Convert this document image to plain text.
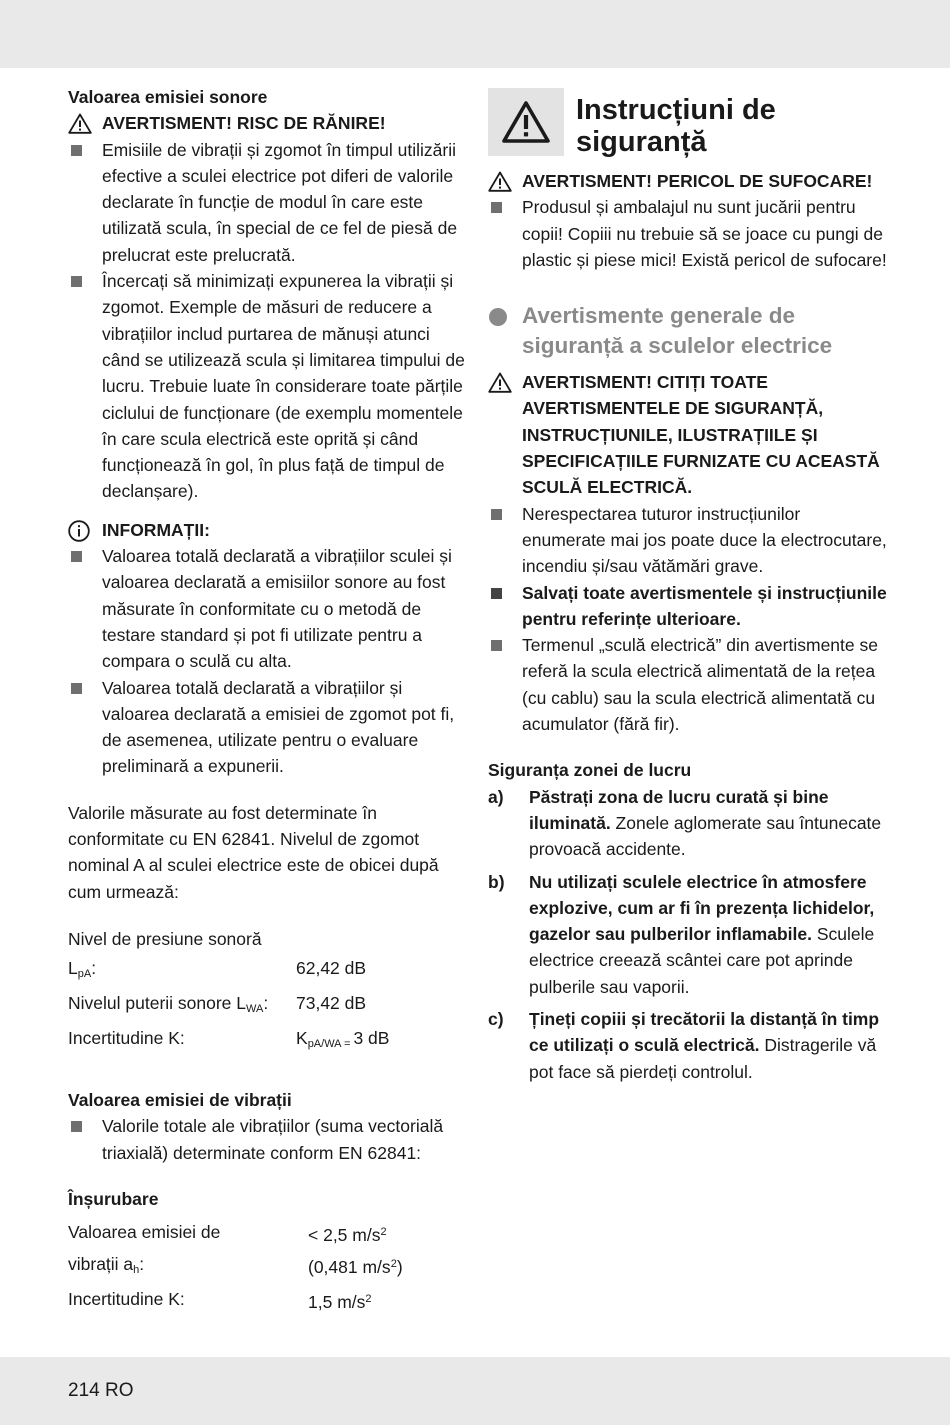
Valoarea emisiei sonore
AVERTISMENT! RISC DE RĂNIRE!
Emisiile de vibrații și zgomot în timpul utilizării efective a sculei electrice pot diferi de valorile declarate în funcție de modul în care este utilizată scula, în special de ce fel de piesă de prelucrat este prelucrată.
Încercați să minimizați expunerea la vibrații și zgomot. Exemple de măsuri de reducere a vibrațiilor includ purtarea de mănuși atunci când se utilizează scula și limitarea timpului de lucru. Trebuie luate în considerare toate părțile ciclului de funcționare (de exemplu momentele în care scula electrică este oprită și când funcționează în gol, în plus față de timpul de declanșare).
INFORMAȚII:
Valoarea totală declarată a vibrațiilor sculei și valoarea declarată a emisiilor sonore au fost măsurate în conformitate cu o metodă de testare standard și pot fi utilizate pentru a compara o sculă cu alta.
Valoarea totală declarată a vibrațiilor și valoarea declarată a emisiei de zgomot pot fi, de asemenea, utilizate pentru o evaluare preliminară a expunerii.

Valorile măsurate au fost determinate în conformitate cu EN 62841. Nivelul de zgomot nominal A al sculei electrice este de obicei după cum urmează:

Nivel de presiune sonoră
$L_{pA}$:	62,42 dB
Nivelul puterii sonore $L_{WA}$:	73,42 dB
Incertitudine K:	$K_{pA/WA =}$ 3 dB
Valoarea emisiei de vibrații
Valorile totale ale vibrațiilor (suma vectorială triaxială) determinate conform EN 62841:
Înșurubare
Valoarea emisiei de	< 2,5 $m/s^2$
vibrații $a_h$:	(0,481 $m/s^2$)
Incertitudine K:	1,5 $m/s^2$
Instrucțiuni de siguranță
AVERTISMENT! PERICOL DE SUFOCARE!
Produsul și ambalajul nu sunt jucării pentru copii! Copiii nu trebuie să se joace cu pungi de plastic și piese mici! Există pericol de sufocare!
Avertismente generale de siguranță a sculelor electrice
AVERTISMENT! CITIȚI TOATE AVERTISMENTELE DE SIGURANȚĂ, INSTRUCȚIUNILE, ILUSTRAȚIILE ȘI SPECIFICAȚIILE FURNIZATE CU ACEASTĂ SCULĂ ELECTRICĂ.
Nerespectarea tuturor instrucțiunilor enumerate mai jos poate duce la electrocutare, incendiu și/sau vătămări grave.
Salvați toate avertismentele și instrucțiunile pentru referințe ulterioare.
Termenul „sculă electrică” din avertismente se referă la scula electrică alimentată de la rețea (cu cablu) sau la scula electrică alimentată cu acumulator (fără fir).
Siguranța zonei de lucru
a)	Păstrați zona de lucru curată și bine iluminată. Zonele aglomerate sau întunecate provoacă accidente.
b)	Nu utilizați sculele electrice în atmosfere explozive, cum ar fi în prezența lichidelor, gazelor sau pulberilor inflamabile. Sculele electrice creează scântei care pot aprinde pulberile sau vaporii.
c)	Țineți copiii și trecătorii la distanță în timp ce utilizați o sculă electrică. Distragerile vă pot face să pierdeți controlul.
214 RO
